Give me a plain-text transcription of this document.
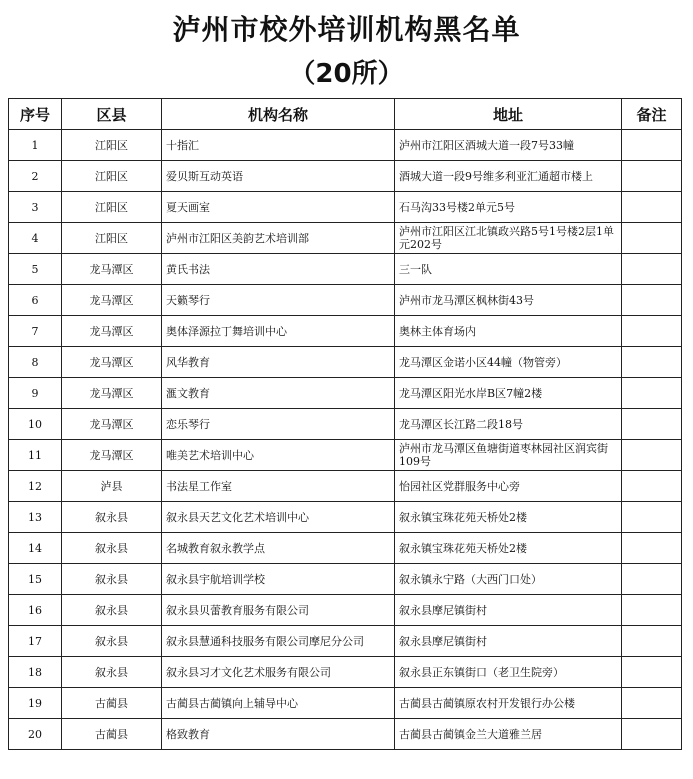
泸州市校外培训机构黑名单
（20所）
序号	区县	机构名称	地址	备注
1	江阳区	十指汇	泸州市江阳区酒城大道一段7号33幢	
2	江阳区	爱贝斯互动英语	酒城大道一段9号维多利亚汇通超市楼上	
3	江阳区	夏天画室	石马沟33号楼2单元5号	
4	江阳区	泸州市江阳区美韵艺术培训部	泸州市江阳区江北镇政兴路5号1号楼2层1单元202号	
5	龙马潭区	黄氏书法	三一队	
6	龙马潭区	天籁琴行	泸州市龙马潭区枫林街43号	
7	龙马潭区	奥体泽源拉丁舞培训中心	奥林主体育场内	
8	龙马潭区	风华教育	龙马潭区金诺小区44幢（物管旁）	
9	龙马潭区	滙文教育	龙马潭区阳光水岸B区7幢2楼	
10	龙马潭区	恋乐琴行	龙马潭区长江路二段18号	
11	龙马潭区	唯美艺术培训中心	泸州市龙马潭区鱼塘街道枣林园社区润宾街109号	
12	泸县	书法星工作室	怡园社区党群服务中心旁	
13	叙永县	叙永县天艺文化艺术培训中心	叙永镇宝珠花苑天桥处2楼	
14	叙永县	名城教育叙永教学点	叙永镇宝珠花苑天桥处2楼	
15	叙永县	叙永县宇航培训学校	叙永镇永宁路（大西门口处）	
16	叙永县	叙永县贝蕾教育服务有限公司	叙永县摩尼镇街村	
17	叙永县	叙永县慧通科技服务有限公司摩尼分公司	叙永县摩尼镇街村	
18	叙永县	叙永县习才文化艺术服务有限公司	叙永县正东镇街口（老卫生院旁）	
19	古蔺县	古蔺县古蔺镇向上辅导中心	古蔺县古蔺镇原农村开发银行办公楼	
20	古蔺县	格致教育	古蔺县古蔺镇金兰大道雅兰居	
